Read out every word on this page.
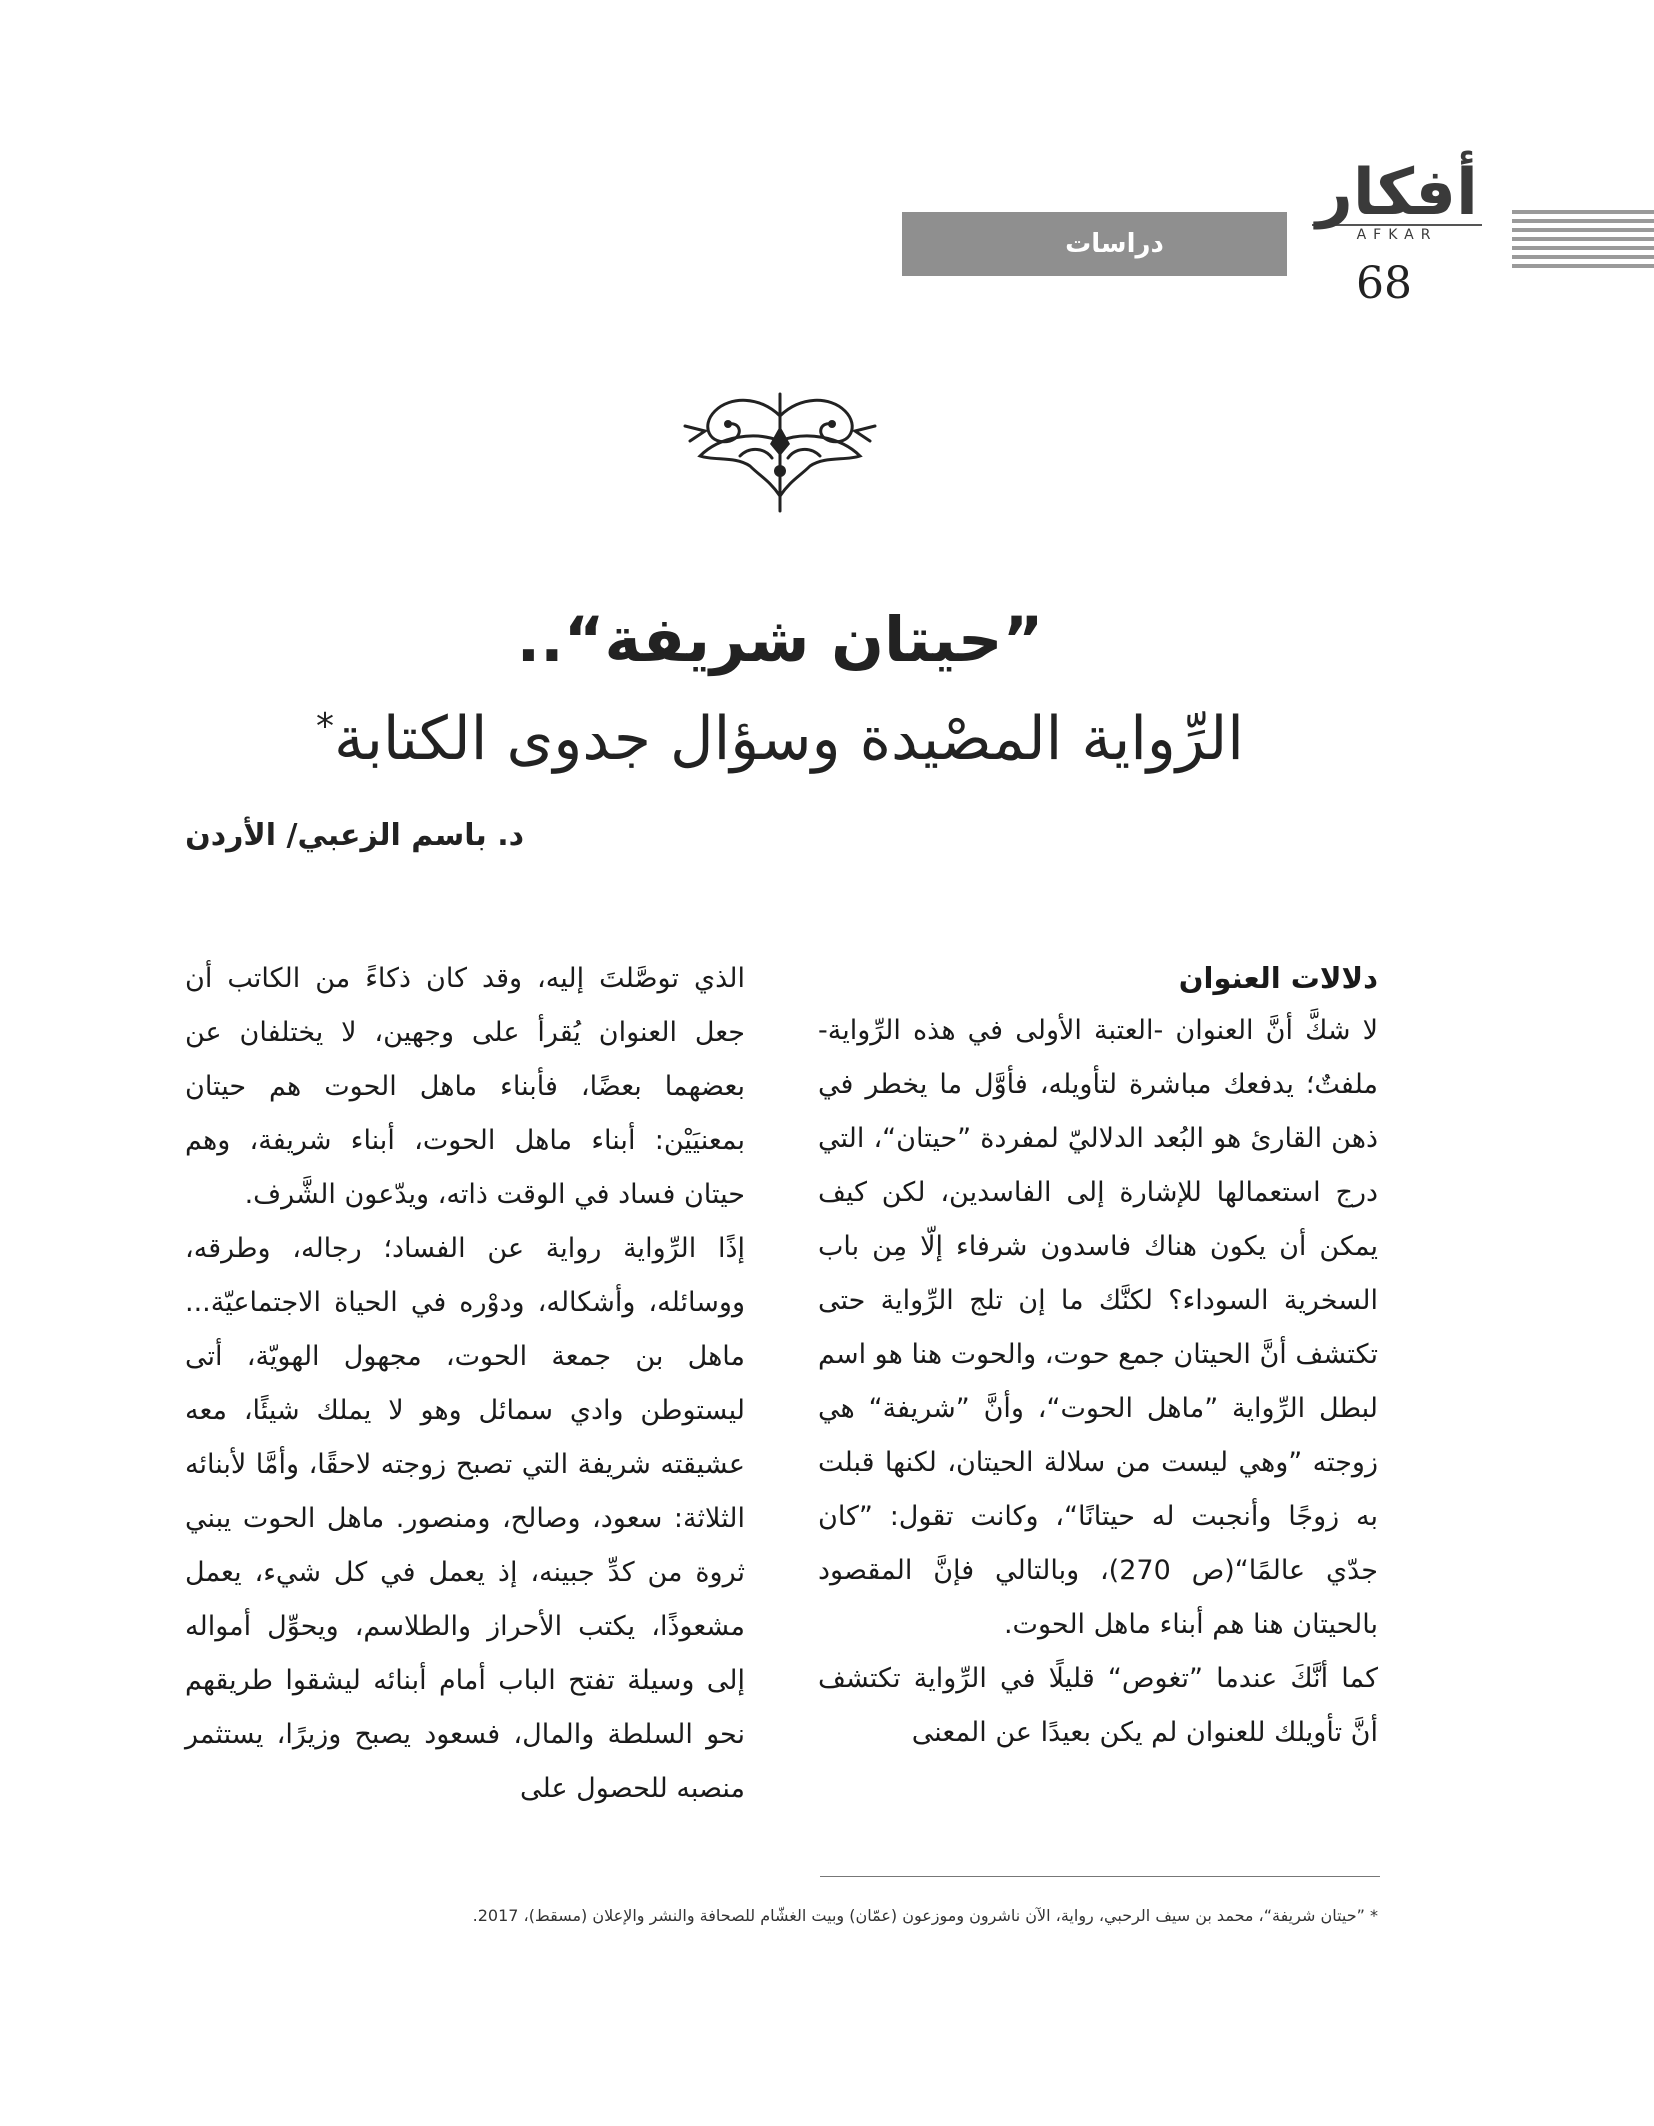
أفكار
AFKAR
دراسات
68
”حيتان شريفة“..
الرِّواية المصْيدة وسؤال جدوى الكتابة*
د. باسم الزعبي/ الأردن
دلالات العنوان

لا شكَّ أنَّ العنوان -العتبة الأولى في هذه الرِّواية- ملفتٌ؛ يدفعك مباشرة لتأويله، فأوَّل ما يخطر في ذهن القارئ هو البُعد الدلاليّ لمفردة ”حيتان“، التي درج استعمالها للإشارة إلى الفاسدين، لكن كيف يمكن أن يكون هناك فاسدون شرفاء إلّا مِن باب السخرية السوداء؟ لكنَّك ما إن تلج الرِّواية حتى تكتشف أنَّ الحيتان جمع حوت، والحوت هنا هو اسم لبطل الرِّواية ”ماهل الحوت“، وأنَّ ”شريفة“ هي زوجته ”وهي ليست من سلالة الحيتان، لكنها قبلت به زوجًا وأنجبت له حيتانًا“، وكانت تقول: ”كان جدّي عالمًا“(ص 270)، وبالتالي فإنَّ المقصود بالحيتان هنا هم أبناء ماهل الحوت.

كما أنَّكَ عندما ”تغوص“ قليلًا في الرِّواية تكتشف أنَّ تأويلك للعنوان لم يكن بعيدًا عن المعنى

الذي توصَّلتَ إليه، وقد كان ذكاءً من الكاتب أن جعل العنوان يُقرأ على وجهين، لا يختلفان عن بعضهما بعضًا، فأبناء ماهل الحوت هم حيتان بمعنيَيْن: أبناء ماهل الحوت، أبناء شريفة، وهم حيتان فساد في الوقت ذاته، ويدّعون الشَّرف.

إذًا الرِّواية رواية عن الفساد؛ رجاله، وطرقه، ووسائله، وأشكاله، ودوْره في الحياة الاجتماعيّة... ماهل بن جمعة الحوت، مجهول الهويّة، أتى ليستوطن وادي سمائل وهو لا يملك شيئًا، معه عشيقته شريفة التي تصبح زوجته لاحقًا، وأمَّا لأبنائه الثلاثة: سعود، وصالح، ومنصور. ماهل الحوت يبني ثروة من كدِّ جبينه، إذ يعمل في كل شيء، يعمل مشعوذًا، يكتب الأحراز والطلاسم، ويحوِّل أمواله إلى وسيلة تفتح الباب أمام أبنائه ليشقوا طريقهم نحو السلطة والمال، فسعود يصبح وزيرًا، يستثمر منصبه للحصول على

* ”حيتان شريفة“، محمد بن سيف الرحبي، رواية، الآن ناشرون وموزعون (عمّان) وبيت الغشّام للصحافة والنشر والإعلان (مسقط)، 2017.
